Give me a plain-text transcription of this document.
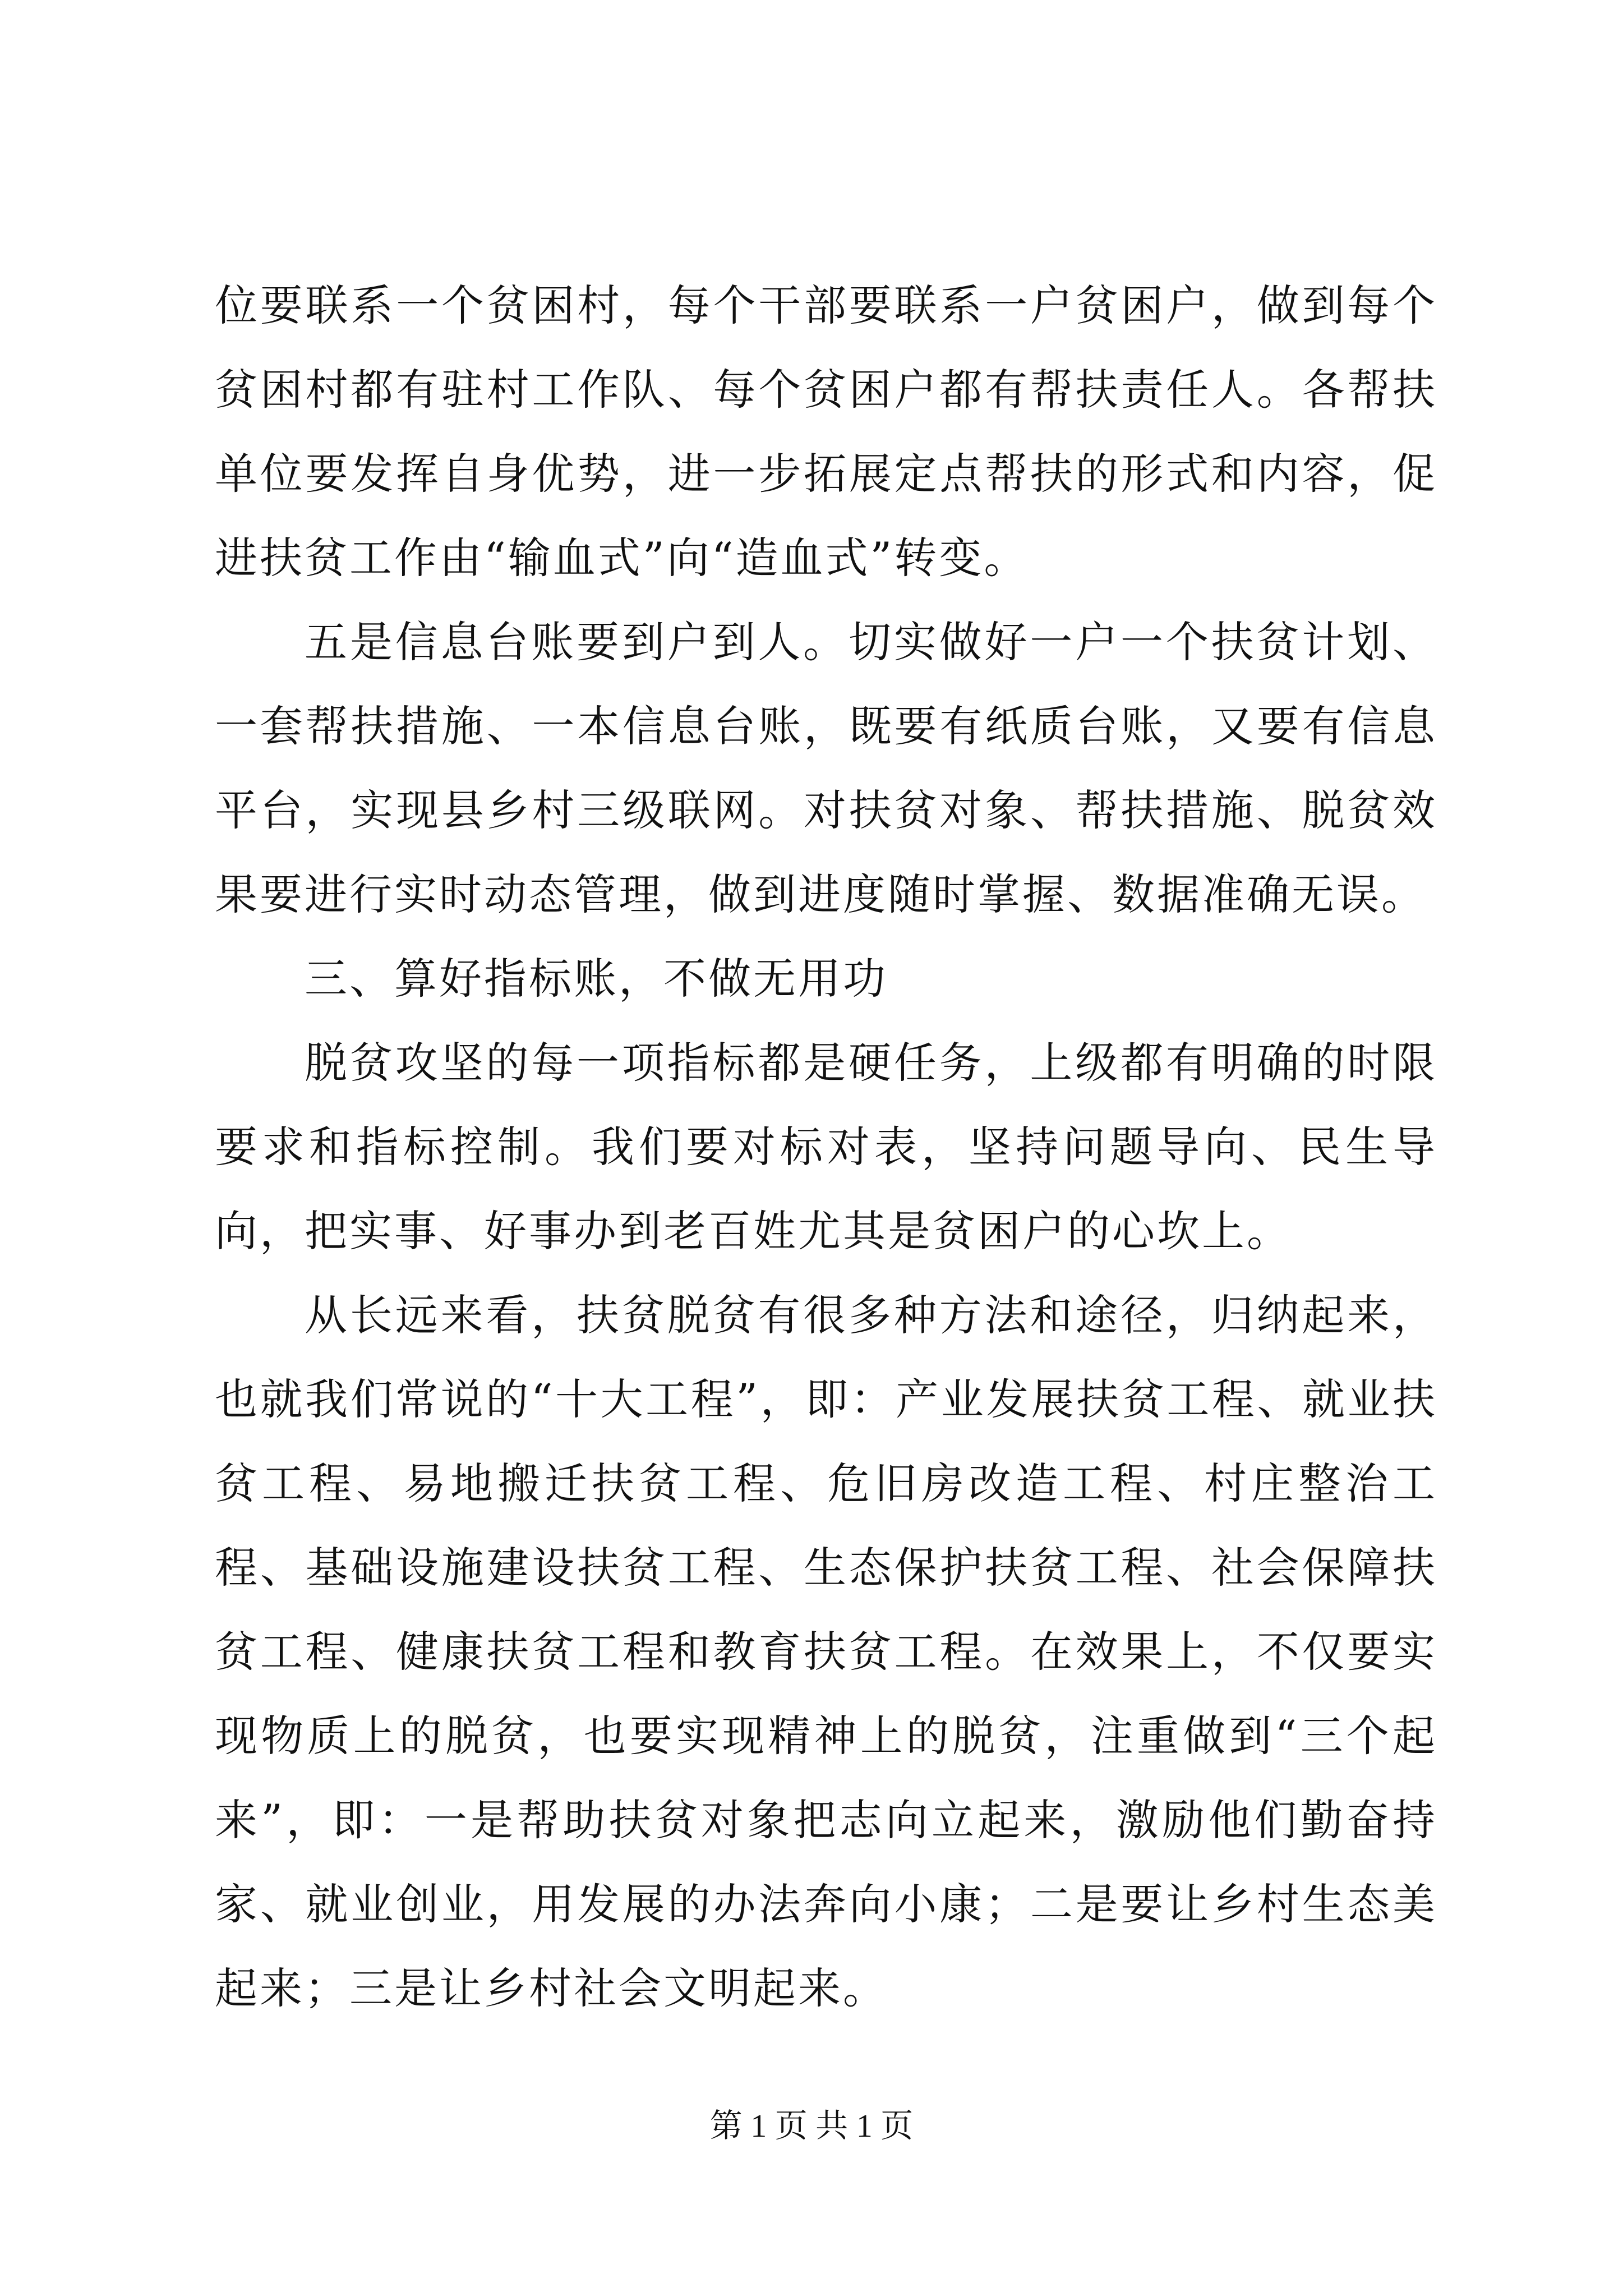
位要联系一个贫困村，每个干部要联系一户贫困户，做到每个贫困村都有驻村工作队、每个贫困户都有帮扶责任人。各帮扶单位要发挥自身优势，进一步拓展定点帮扶的形式和内容，促进扶贫工作由“输血式”向“造血式”转变。

五是信息台账要到户到人。切实做好一户一个扶贫计划、一套帮扶措施、一本信息台账，既要有纸质台账，又要有信息平台，实现县乡村三级联网。对扶贫对象、帮扶措施、脱贫效果要进行实时动态管理，做到进度随时掌握、数据准确无误。

三、算好指标账，不做无用功

脱贫攻坚的每一项指标都是硬任务，上级都有明确的时限要求和指标控制。我们要对标对表，坚持问题导向、民生导向，把实事、好事办到老百姓尤其是贫困户的心坎上。

从长远来看，扶贫脱贫有很多种方法和途径，归纳起来，也就我们常说的“十大工程”，即：产业发展扶贫工程、就业扶贫工程、易地搬迁扶贫工程、危旧房改造工程、村庄整治工程、基础设施建设扶贫工程、生态保护扶贫工程、社会保障扶贫工程、健康扶贫工程和教育扶贫工程。在效果上，不仅要实现物质上的脱贫，也要实现精神上的脱贫，注重做到“三个起来”，即：一是帮助扶贫对象把志向立起来，激励他们勤奋持家、就业创业，用发展的办法奔向小康；二是要让乡村生态美起来；三是让乡村社会文明起来。

第 1 页 共 1 页
